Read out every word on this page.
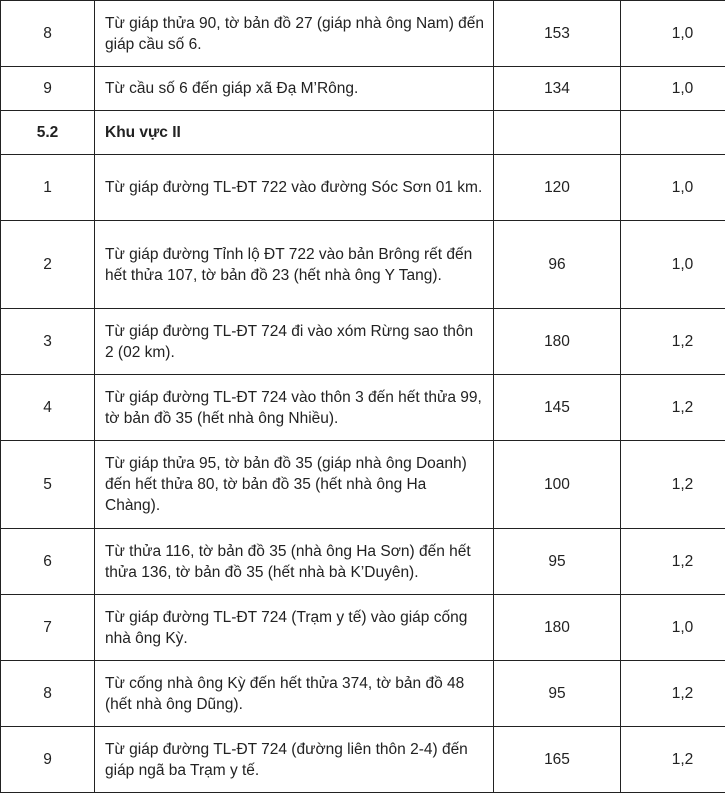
8	Từ giáp thửa 90, tờ bản đồ 27 (giáp nhà ông Nam) đến giáp cầu số 6.	153	1,0
9	Từ cầu số 6 đến giáp xã Đạ M’Rông.	134	1,0
5.2	Khu vực II		
1	Từ giáp đường TL-ĐT 722 vào đường Sóc Sơn 01 km.	120	1,0
2	Từ giáp đường Tỉnh lộ ĐT 722 vào bản Brông rết đến hết thửa 107, tờ bản đồ 23 (hết nhà ông Y Tang).	96	1,0
3	Từ giáp đường TL-ĐT 724 đi vào xóm Rừng sao thôn 2 (02 km).	180	1,2
4	Từ giáp đường TL-ĐT 724 vào thôn 3 đến hết thửa 99, tờ bản đồ 35 (hết nhà ông Nhiều).	145	1,2
5	Từ giáp thửa 95, tờ bản đồ 35 (giáp nhà ông Doanh) đến hết thửa 80, tờ bản đồ 35 (hết nhà ông Ha Chàng).	100	1,2
6	Từ thửa 116, tờ bản đồ 35 (nhà ông Ha Sơn) đến hết thửa 136, tờ bản đồ 35 (hết nhà bà K’Duyên).	95	1,2
7	Từ giáp đường TL-ĐT 724 (Trạm y tế) vào giáp cống nhà ông Kỳ.	180	1,0
8	Từ cống nhà ông Kỳ đến hết thửa 374, tờ bản đồ 48 (hết nhà ông Dũng).	95	1,2
9	Từ giáp đường TL-ĐT 724 (đường liên thôn 2-4) đến giáp ngã ba Trạm y tế.	165	1,2
